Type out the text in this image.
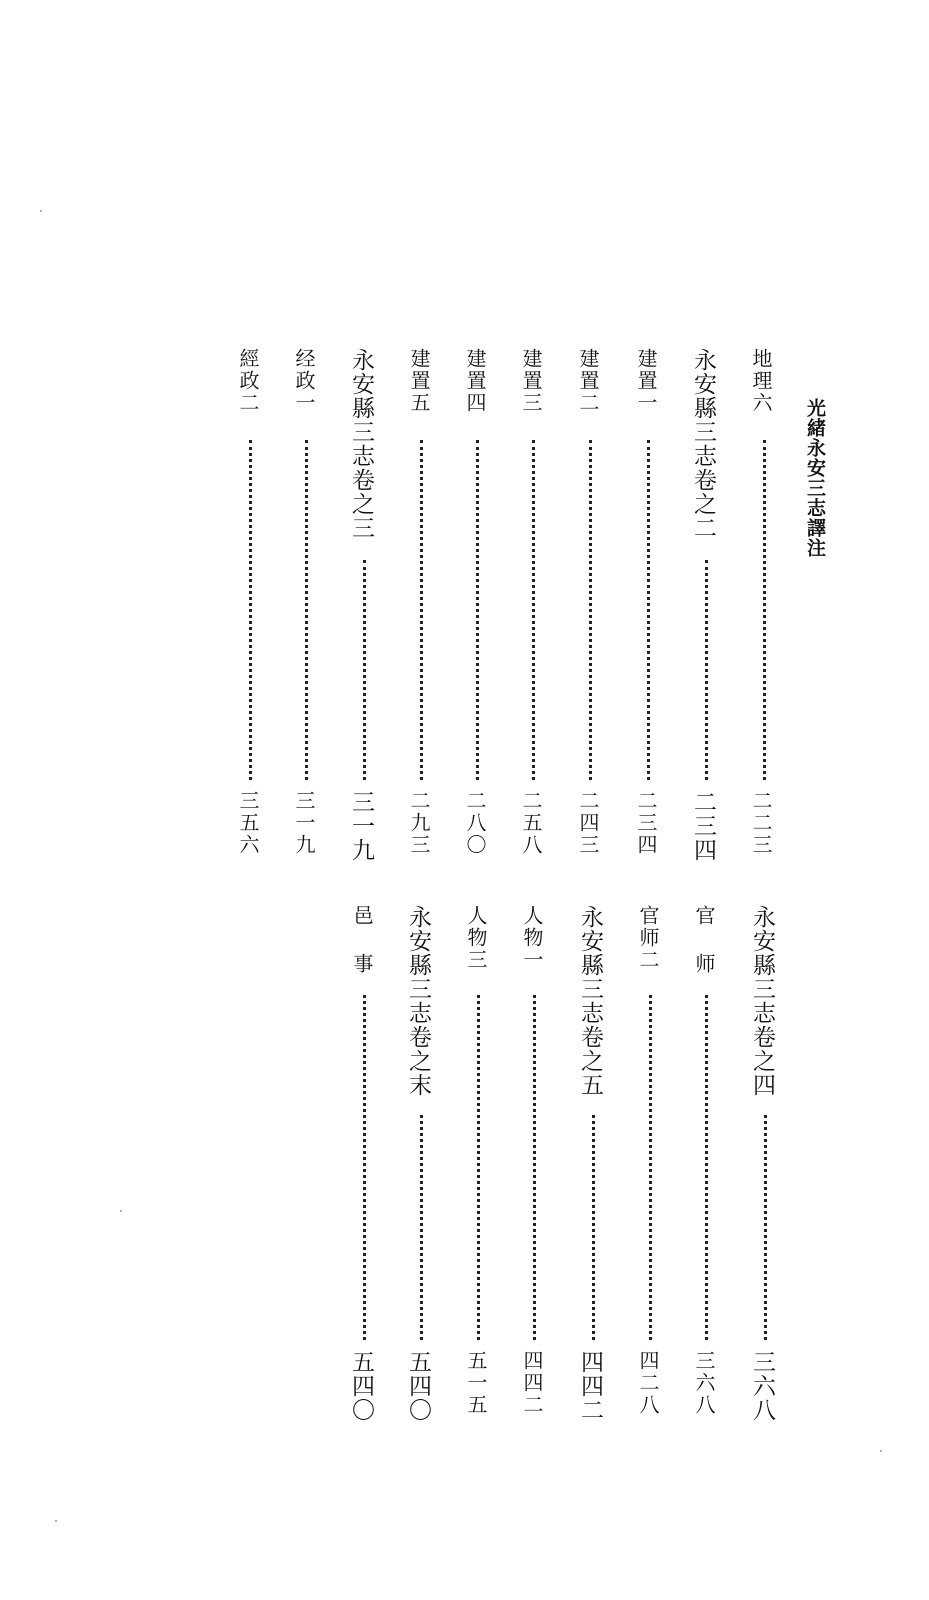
光緒永安三志譯注
地理六
二二三
永安縣三志卷之二
二三四
建置一
二三四
建置二
二四三
建置三
二五八
建置四
二八〇
建置五
二九三
永安縣三志卷之三
三一九
经政一
三一九
經政二
三五六
永安縣三志卷之四
三六八
官 师
三六八
官师二
四二八
永安縣三志卷之五
四四二
人物一
四四二
人物三
五一五
永安縣三志卷之末
五四〇
邑 事
五四〇
